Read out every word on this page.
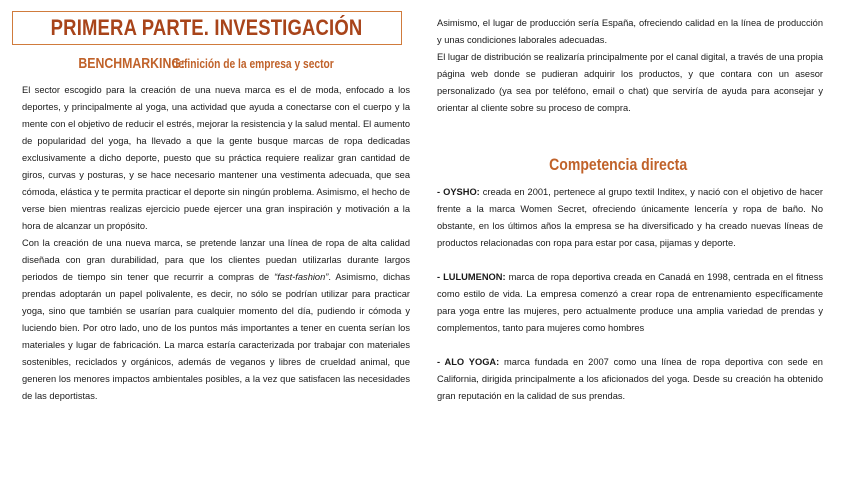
PRIMERA PARTE. INVESTIGACIÓN
BENCHMARKING: definición de la empresa y sector

El sector escogido para la creación de una nueva marca es el de moda, enfocado a los deportes, y principalmente al yoga, una actividad que ayuda a conectarse con el cuerpo y la mente con el objetivo de reducir el estrés, mejorar la resistencia y la salud mental. El aumento de popularidad del yoga, ha llevado a que la gente busque marcas de ropa dedicadas exclusivamente a dicho deporte, puesto que su práctica requiere realizar gran cantidad de giros, curvas y posturas, y se hace necesario mantener una vestimenta adecuada, que sea cómoda, elástica y te permita practicar el deporte sin ningún problema. Asimismo, el hecho de verse bien mientras realizas ejercicio puede ejercer una gran inspiración y motivación a la hora de alcanzar un propósito.

Con la creación de una nueva marca, se pretende lanzar una línea de ropa de alta calidad diseñada con gran durabilidad, para que los clientes puedan utilizarlas durante largos periodos de tiempo sin tener que recurrir a compras de “fast-fashion”. Asimismo, dichas prendas adoptarán un papel polivalente, es decir, no sólo se podrían utilizar para practicar yoga, sino que también se usarían para cualquier momento del día, pudiendo ir cómoda y luciendo bien. Por otro lado, uno de los puntos más importantes a tener en cuenta serían los materiales y lugar de fabricación. La marca estaría caracterizada por trabajar con materiales sostenibles, reciclados y orgánicos, además de veganos y libres de crueldad animal, que generen los menores impactos ambientales posibles, a la vez que satisfacen las necesidades de las deportistas.

Asimismo, el lugar de producción sería España, ofreciendo calidad en la línea de producción y unas condiciones laborales adecuadas.

El lugar de distribución se realizaría principalmente por el canal digital, a través de una propia página web donde se pudieran adquirir los productos, y que contara con un asesor personalizado (ya sea por teléfono, email o chat) que serviría de ayuda para aconsejar y orientar al cliente sobre su proceso de compra.

Competencia directa

- OYSHO: creada en 2001, pertenece al grupo textil Inditex, y nació con el objetivo de hacer frente a la marca Women Secret, ofreciendo únicamente lencería y ropa de baño. No obstante, en los últimos años la empresa se ha diversificado y ha creado nuevas líneas de productos relacionadas con ropa para estar por casa, pijamas y deporte.

- LULUMENON: marca de ropa deportiva creada en Canadá en 1998, centrada en el fitness como estilo de vida. La empresa comenzó a crear ropa de entrenamiento específicamente para yoga entre las mujeres, pero actualmente produce una amplia variedad de prendas y complementos, tanto para mujeres como hombres

- ALO YOGA: marca fundada en 2007 como una línea de ropa deportiva con sede en California, dirigida principalmente a los aficionados del yoga. Desde su creación ha obtenido gran reputación en la calidad de sus prendas.
